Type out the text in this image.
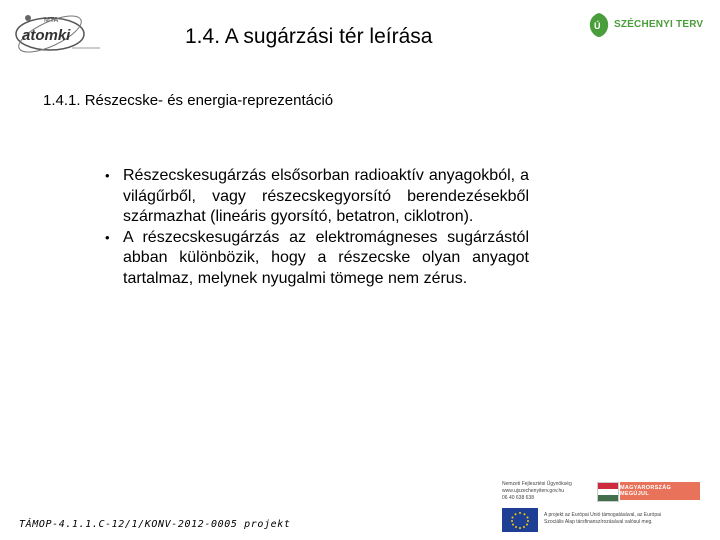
MTA
atomki
Ú SZÉCHENYI TERV
1.4. A sugárzási tér leírása
1.4.1. Részecske- és energia-reprezentáció
• Részecskesugárzás elsősorban radioaktív anyagokból, a világűrből, vagy részecskegyorsító berendezésekből származhat (lineáris gyorsító, betatron, ciklotron).
• A részecskesugárzás az elektromágneses sugárzástól abban különbözik, hogy a részecske olyan anyagot tartalmaz, melynek nyugalmi tömege nem zérus.
TÁMOP-4.1.1.C-12/1/KONV-2012-0005 projekt
Nemzeti Fejlesztési Ügynökség
www.ujszechenyiterv.gov.hu
06 40 638 638
MAGYARORSZÁG MEGÚJUL
A projekt az Európai Unió támogatásával, az Európai
Szociális Alap társfinanszírozásával valósul meg.
